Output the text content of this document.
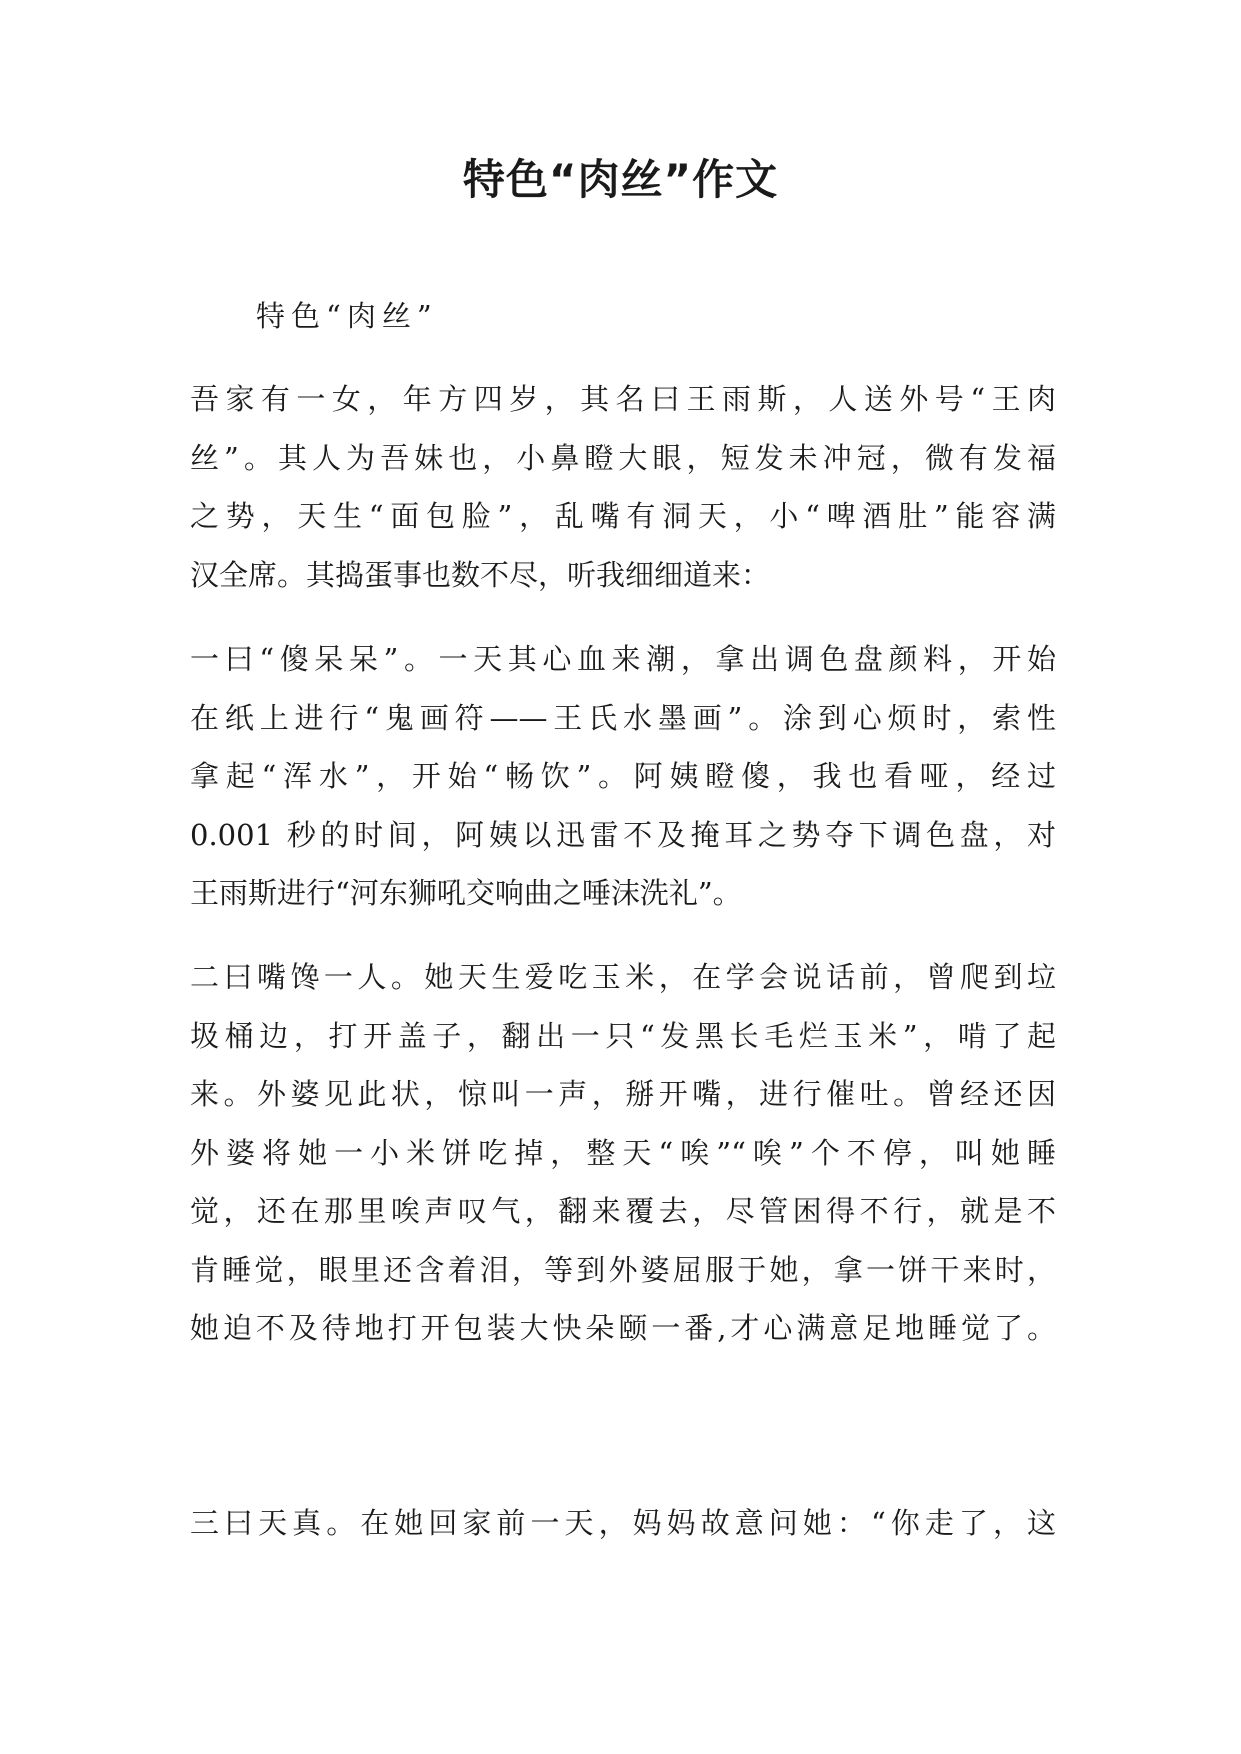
特色“肉丝”作文

特色“肉丝”

吾家有一女，年方四岁，其名曰王雨斯，人送外号“王肉
丝”。其人为吾妹也，小鼻瞪大眼，短发未冲冠，微有发福
之势，天生“面包脸”，乱嘴有洞天，小“啤酒肚”能容满
汉全席。其捣蛋事也数不尽，听我细细道来：

一曰“傻呆呆”。一天其心血来潮，拿出调色盘颜料，开始
在纸上进行“鬼画符——王氏水墨画”。涂到心烦时，索性
拿起“浑水”，开始“畅饮”。阿姨瞪傻，我也看哑，经过
0.001 秒的时间，阿姨以迅雷不及掩耳之势夺下调色盘，对
王雨斯进行“河东狮吼交响曲之唾沫洗礼”。

二曰嘴馋一人。她天生爱吃玉米，在学会说话前，曾爬到垃
圾桶边，打开盖子，翻出一只“发黑长毛烂玉米”，啃了起
来。外婆见此状，惊叫一声，掰开嘴，进行催吐。曾经还因
外婆将她一小米饼吃掉，整天“唉”“唉”个不停，叫她睡
觉，还在那里唉声叹气，翻来覆去，尽管困得不行，就是不
肯睡觉，眼里还含着泪，等到外婆屈服于她，拿一饼干来时，
她迫不及待地打开包装大快朵颐一番,才心满意足地睡觉了。

三曰天真。在她回家前一天，妈妈故意问她：“你走了，这
